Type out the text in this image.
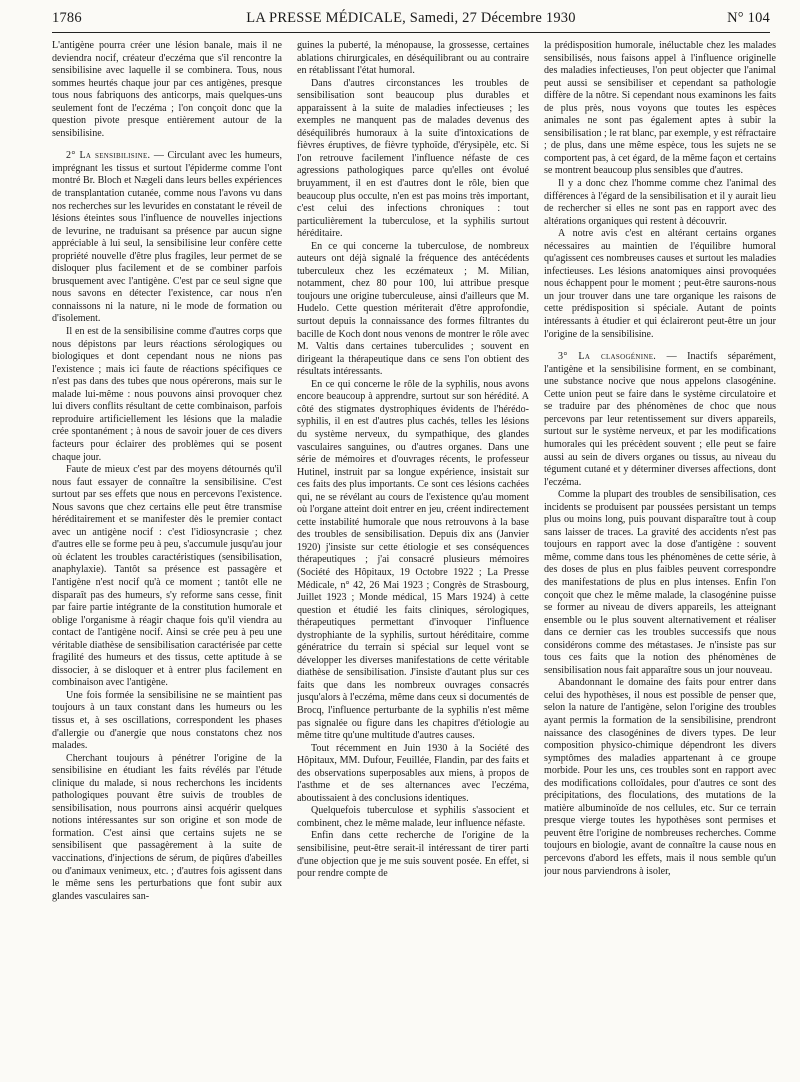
1786	LA PRESSE MÉDICALE, Samedi, 27 Décembre 1930	N° 104

L'antigène pourra créer une lésion banale, mais il ne deviendra nocif, créateur d'eczéma que s'il rencontre la sensibilisine avec laquelle il se combinera. Tous, nous sommes heurtés chaque jour par ces antigènes, presque tous nous fabriquons des anticorps, mais quelques-uns seulement font de l'eczéma ; l'on conçoit donc que la question pivote presque entièrement autour de la sensibilisine.

2° La sensibilisine. — Circulant avec les humeurs, imprégnant les tissus et surtout l'épiderme comme l'ont montré Br. Bloch et Nægeli dans leurs belles expériences de transplantation cutanée, comme nous l'avons vu dans nos recherches sur les levurides en constatant le réveil de lésions éteintes sous l'influence de nouvelles injections de levurine, ne traduisant sa présence par aucun signe appréciable à lui seul, la sensibilisine leur confère cette propriété nouvelle d'être plus fragiles, leur permet de se disloquer plus facilement et de se combiner parfois brusquement avec l'antigène. C'est par ce seul signe que nous savons en détecter l'existence, car nous n'en connaissons ni la nature, ni le mode de formation ou d'isolement.

Il en est de la sensibilisine comme d'autres corps que nous dépistons par leurs réactions sérologiques ou biologiques et dont cependant nous ne nions pas l'existence ; mais ici faute de réactions spécifiques ce n'est pas dans des tubes que nous opérerons, mais sur le malade lui-même : nous pouvons ainsi provoquer chez lui divers conflits résultant de cette combinaison, parfois reproduire artificiellement les lésions que la maladie crée spontanément ; à nous de savoir jouer de ces divers facteurs pour éclairer des problèmes qui se posent chaque jour.

Faute de mieux c'est par des moyens détournés qu'il nous faut essayer de connaître la sensibilisine. C'est surtout par ses effets que nous en percevons l'existence. Nous savons que chez certains elle peut être transmise héréditairement et se manifester dès le premier contact avec un antigène nocif : c'est l'idiosyncrasie ; chez d'autres elle se forme peu à peu, s'accumule jusqu'au jour où éclatent les troubles caractéristiques (sensibilisation, anaphylaxie). Tantôt sa présence est passagère et l'antigène n'est nocif qu'à ce moment ; tantôt elle ne disparaît pas des humeurs, s'y reforme sans cesse, finit par faire partie intégrante de la constitution humorale et oblige l'organisme à réagir chaque fois qu'il viendra au contact de l'antigène nocif. Ainsi se crée peu à peu une véritable diathèse de sensibilisation caractérisée par cette fragilité des humeurs et des tissus, cette aptitude à se dissocier, à se disloquer et à entrer plus facilement en combinaison avec l'antigène.

Une fois formée la sensibilisine ne se maintient pas toujours à un taux constant dans les humeurs ou les tissus et, à ses oscillations, correspondent les phases d'allergie ou d'anergie que nous constatons chez nos malades.

Cherchant toujours à pénétrer l'origine de la sensibilisine en étudiant les faits révélés par l'étude clinique du malade, si nous recherchons les incidents pathologiques pouvant être suivis de troubles de sensibilisation, nous pourrons ainsi acquérir quelques notions intéressantes sur son origine et son mode de formation. C'est ainsi que certains sujets ne se sensibilisent que passagèrement à la suite de vaccinations, d'injections de sérum, de piqûres d'abeilles ou d'animaux venimeux, etc. ; d'autres fois agissent dans le même sens les perturbations que font subir aux glandes vasculaires san-

guines la puberté, la ménopause, la grossesse, certaines ablations chirurgicales, en déséquilibrant ou au contraire en rétablissant l'état humoral.

Dans d'autres circonstances les troubles de sensibilisation sont beaucoup plus durables et apparaissent à la suite de maladies infectieuses ; les exemples ne manquent pas de malades devenus des déséquilibrés humoraux à la suite d'intoxications de fièvres éruptives, de fièvre typhoïde, d'érysipèle, etc. Si l'on retrouve facilement l'influence néfaste de ces agressions pathologiques parce qu'elles ont évolué bruyamment, il en est d'autres dont le rôle, bien que beaucoup plus occulte, n'en est pas moins très important, c'est celui des infections chroniques : tout particulièrement la tuberculose, et la syphilis surtout héréditaire.

En ce qui concerne la tuberculose, de nombreux auteurs ont déjà signalé la fréquence des antécédents tuberculeux chez les eczémateux ; M. Milian, notamment, chez 80 pour 100, lui attribue presque toujours une origine tuberculeuse, ainsi d'ailleurs que M. Hudelo. Cette question mériterait d'être approfondie, surtout depuis la connaissance des formes filtrantes du bacille de Koch dont nous venons de montrer le rôle avec M. Valtis dans certaines tuberculides ; souvent en dirigeant la thérapeutique dans ce sens l'on obtient des résultats intéressants.

En ce qui concerne le rôle de la syphilis, nous avons encore beaucoup à apprendre, surtout sur son hérédité. A côté des stigmates dystrophiques évidents de l'hérédo-syphilis, il en est d'autres plus cachés, telles les lésions du système nerveux, du sympathique, des glandes vasculaires sanguines, ou d'autres organes. Dans une série de mémoires et d'ouvrages récents, le professeur Hutinel, instruit par sa longue expérience, insistait sur ces faits des plus importants. Ce sont ces lésions cachées qui, ne se révélant au cours de l'existence qu'au moment où l'organe atteint doit entrer en jeu, créent indirectement cette instabilité humorale que nous retrouvons à la base des troubles de sensibilisation. Depuis dix ans (Janvier 1920) j'insiste sur cette étiologie et ses conséquences thérapeutiques ; j'ai consacré plusieurs mémoires (Société des Hôpitaux, 19 Octobre 1922 ; La Presse Médicale, n° 42, 26 Mai 1923 ; Congrès de Strasbourg, Juillet 1923 ; Monde médical, 15 Mars 1924) à cette question et étudié les faits cliniques, sérologiques, thérapeutiques permettant d'invoquer l'influence dystrophiante de la syphilis, surtout héréditaire, comme génératrice du terrain si spécial sur lequel vont se développer les diverses manifestations de cette véritable diathèse de sensibilisation. J'insiste d'autant plus sur ces faits que dans les nombreux ouvrages consacrés jusqu'alors à l'eczéma, même dans ceux si documentés de Brocq, l'influence perturbante de la syphilis n'est même pas signalée ou figure dans les chapitres d'étiologie au même titre qu'une multitude d'autres causes.

Tout récemment en Juin 1930 à la Société des Hôpitaux, MM. Dufour, Feuillée, Flandin, par des faits et des observations superposables aux miens, à propos de l'asthme et de ses alternances avec l'eczéma, aboutissaient à des conclusions identiques.

Quelquefois tuberculose et syphilis s'associent et combinent, chez le même malade, leur influence néfaste.

Enfin dans cette recherche de l'origine de la sensibilisine, peut-être serait-il intéressant de tirer parti d'une objection que je me suis souvent posée. En effet, si pour rendre compte de

la prédisposition humorale, inéluctable chez les malades sensibilisés, nous faisons appel à l'influence originelle des maladies infectieuses, l'on peut objecter que l'animal peut aussi se sensibiliser et cependant sa pathologie diffère de la nôtre. Si cependant nous examinons les faits de plus près, nous voyons que toutes les espèces animales ne sont pas également aptes à subir la sensibilisation ; le rat blanc, par exemple, y est réfractaire ; de plus, dans une même espèce, tous les sujets ne se comportent pas, à cet égard, de la même façon et certains se montrent beaucoup plus sensibles que d'autres.

Il y a donc chez l'homme comme chez l'animal des différences à l'égard de la sensibilisation et il y aurait lieu de rechercher si elles ne sont pas en rapport avec des altérations organiques qui restent à découvrir.

A notre avis c'est en altérant certains organes nécessaires au maintien de l'équilibre humoral qu'agissent ces nombreuses causes et surtout les maladies infectieuses. Les lésions anatomiques ainsi provoquées nous échappent pour le moment ; peut-être saurons-nous un jour trouver dans une tare organique les raisons de cette prédisposition si spéciale. Autant de points intéressants à étudier et qui éclaireront peut-être un jour l'origine de la sensibilisine.

3° La clasogénine. — Inactifs séparément, l'antigène et la sensibilisine forment, en se combinant, une substance nocive que nous appelons clasogénine. Cette union peut se faire dans le système circulatoire et se traduire par des phénomènes de choc que nous percevons par leur retentissement sur divers appareils, surtout sur le système nerveux, et par les modifications humorales qui les précèdent souvent ; elle peut se faire aussi au sein de divers organes ou tissus, au niveau du tégument cutané et y déterminer diverses affections, dont l'eczéma.

Comme la plupart des troubles de sensibilisation, ces incidents se produisent par poussées persistant un temps plus ou moins long, puis pouvant disparaître tout à coup sans laisser de traces. La gravité des accidents n'est pas toujours en rapport avec la dose d'antigène : souvent même, comme dans tous les phénomènes de cette série, à des doses de plus en plus faibles peuvent correspondre des manifestations de plus en plus intenses. Enfin l'on conçoit que chez le même malade, la clasogénine puisse se former au niveau de divers appareils, les atteignant ensemble ou le plus souvent alternativement et réaliser dans ce dernier cas les troubles successifs que nous considérons comme des métastases. Je n'insiste pas sur tous ces faits que la notion des phénomènes de sensibilisation nous fait apparaître sous un jour nouveau.

Abandonnant le domaine des faits pour entrer dans celui des hypothèses, il nous est possible de penser que, selon la nature de l'antigène, selon l'origine des troubles ayant permis la formation de la sensibilisine, prendront naissance des clasogénines de divers types. De leur composition physico-chimique dépendront les divers symptômes des maladies appartenant à ce groupe morbide. Pour les uns, ces troubles sont en rapport avec des modifications colloïdales, pour d'autres ce sont des précipitations, des floculations, des mutations de la matière albuminoïde de nos cellules, etc. Sur ce terrain presque vierge toutes les hypothèses sont permises et peuvent être l'origine de nombreuses recherches. Comme toujours en biologie, avant de connaître la cause nous en percevons d'abord les effets, mais il nous semble qu'un jour nous parviendrons à isoler,
